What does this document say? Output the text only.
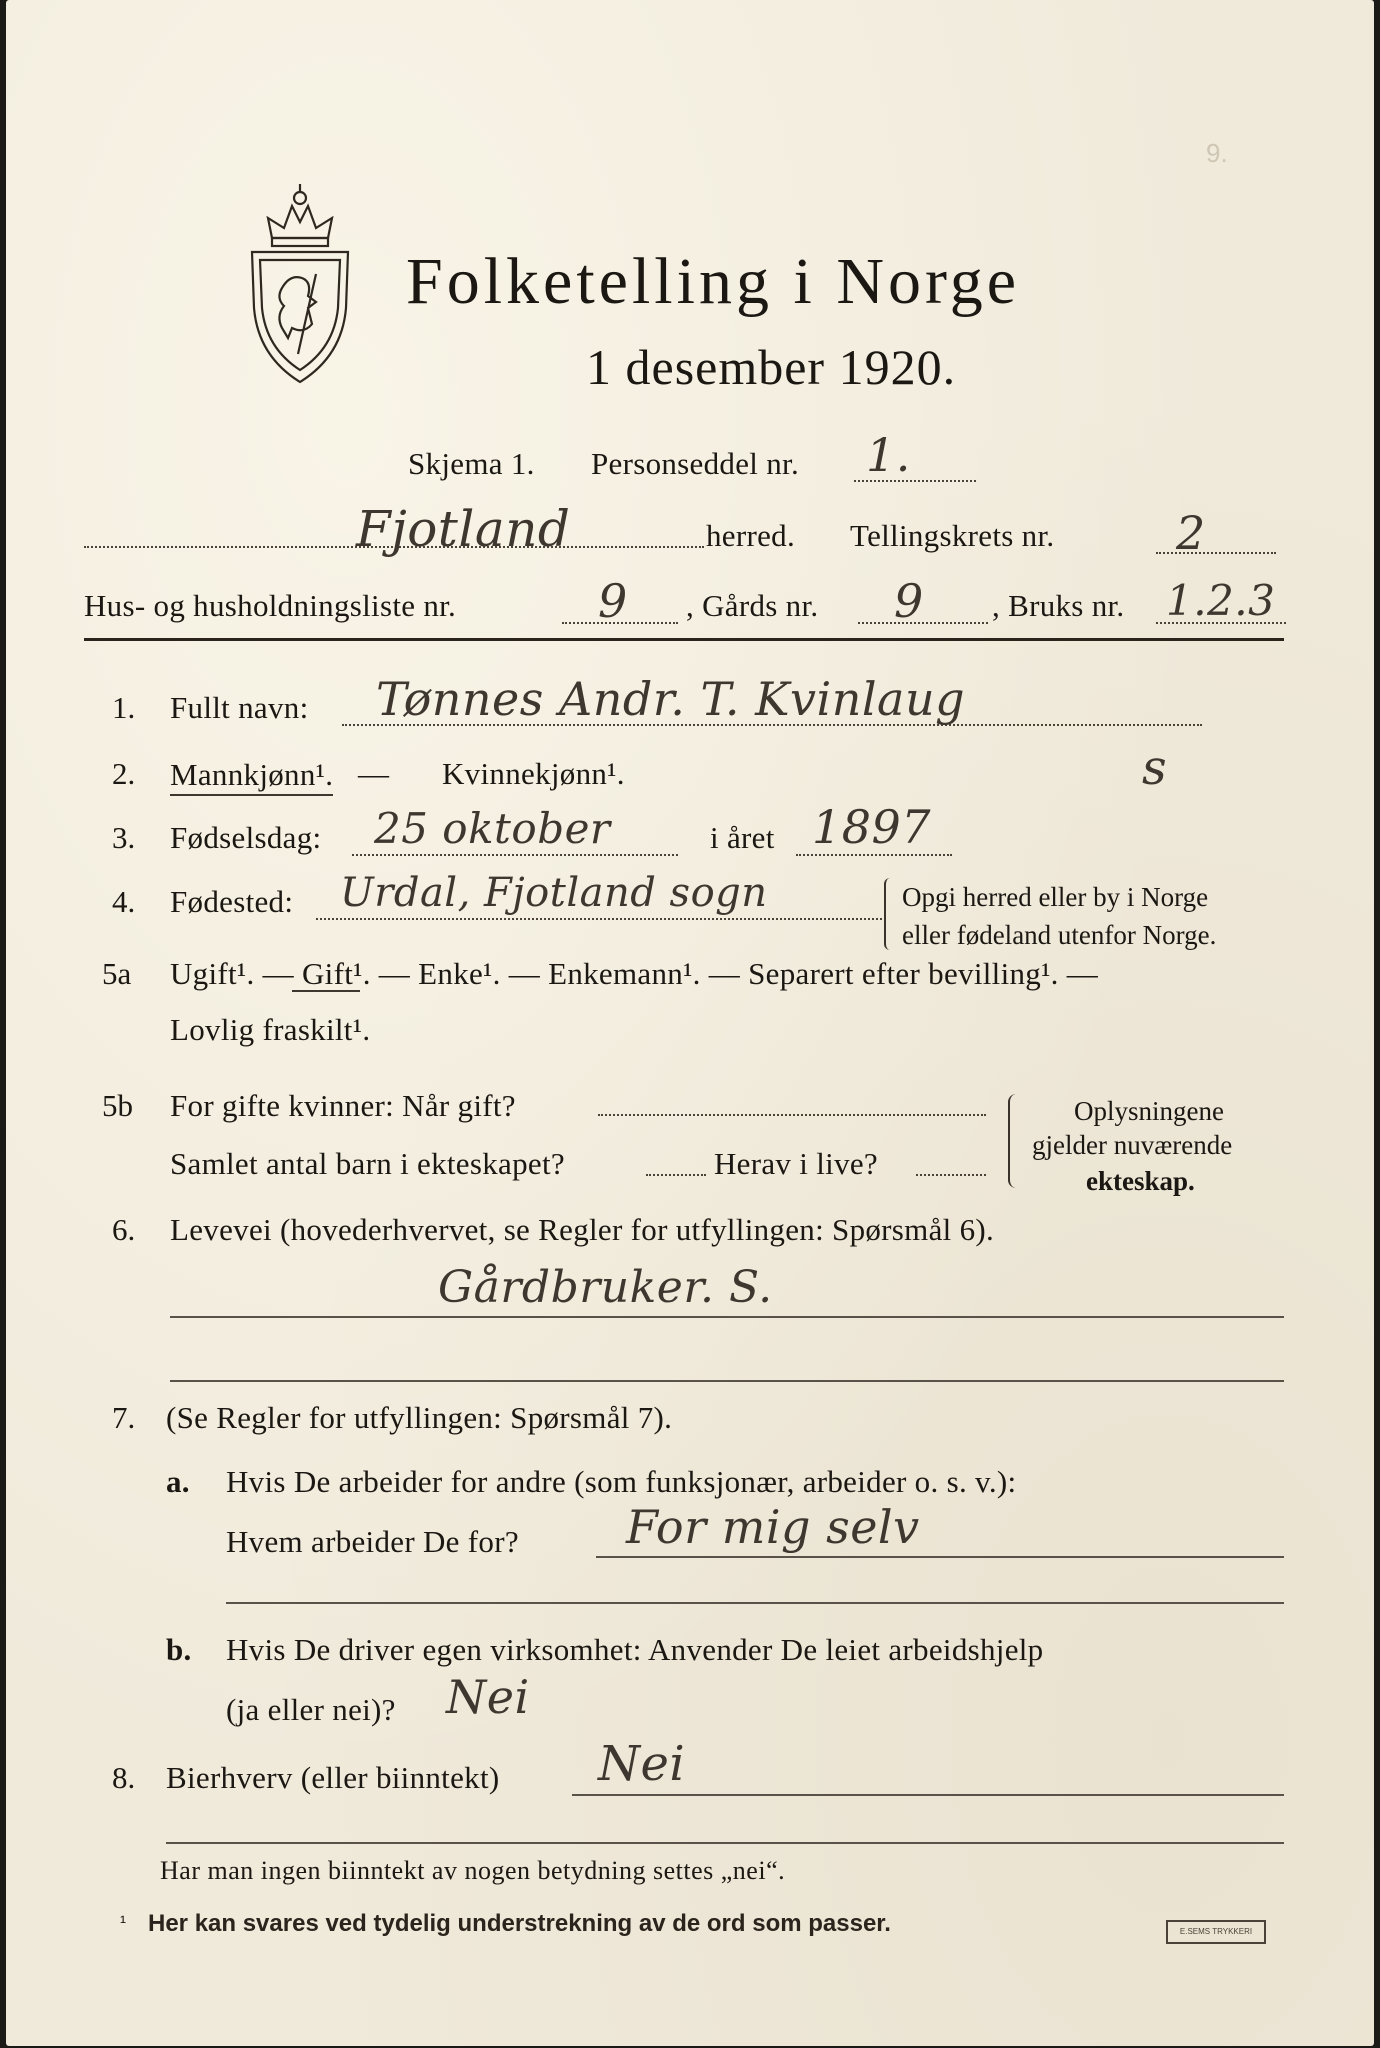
9.
Folketelling i Norge
1 desember 1920.
Skjema 1. Personseddel nr. 1.
Fjotland	herred. Tellingskrets nr.	2
Hus- og husholdningsliste nr.	9 , Gårds nr. 9 , Bruks nr. 1.2.3
1. Fullt navn: Tønnes Andr. T. Kvinlaug
2. Mannkjønn¹. — Kvinnekjønn¹.	s
3. Fødselsdag: 25 oktober	i året 1897
4. Fødested: Urdal, Fjotland sogn	Opgi herred eller by i Norge
eller fødeland utenfor Norge.
5a Ugift¹. — Gift¹. — Enke¹. — Enkemann¹. — Separert efter bevilling¹. —
Lovlig fraskilt¹.
5b For gifte kvinner: Når gift?
Samlet antal barn i ekteskapet?	Herav i live?
Oplysningene
gjelder nuværende
ekteskap.
6. Levevei (hovederhvervet, se Regler for utfyllingen: Spørsmål 6).
Gårdbruker. S.
7. (Se Regler for utfyllingen: Spørsmål 7).
a. Hvis De arbeider for andre (som funksjonær, arbeider o. s. v.):
Hvem arbeider De for? For mig selv
b. Hvis De driver egen virksomhet: Anvender De leiet arbeidshjelp
(ja eller nei)? Nei
8. Bierhverv (eller biinntekt) Nei
Har man ingen biinntekt av nogen betydning settes „nei“.
¹ Her kan svares ved tydelig understrekning av de ord som passer.	E.SEMS TRYKKERI
